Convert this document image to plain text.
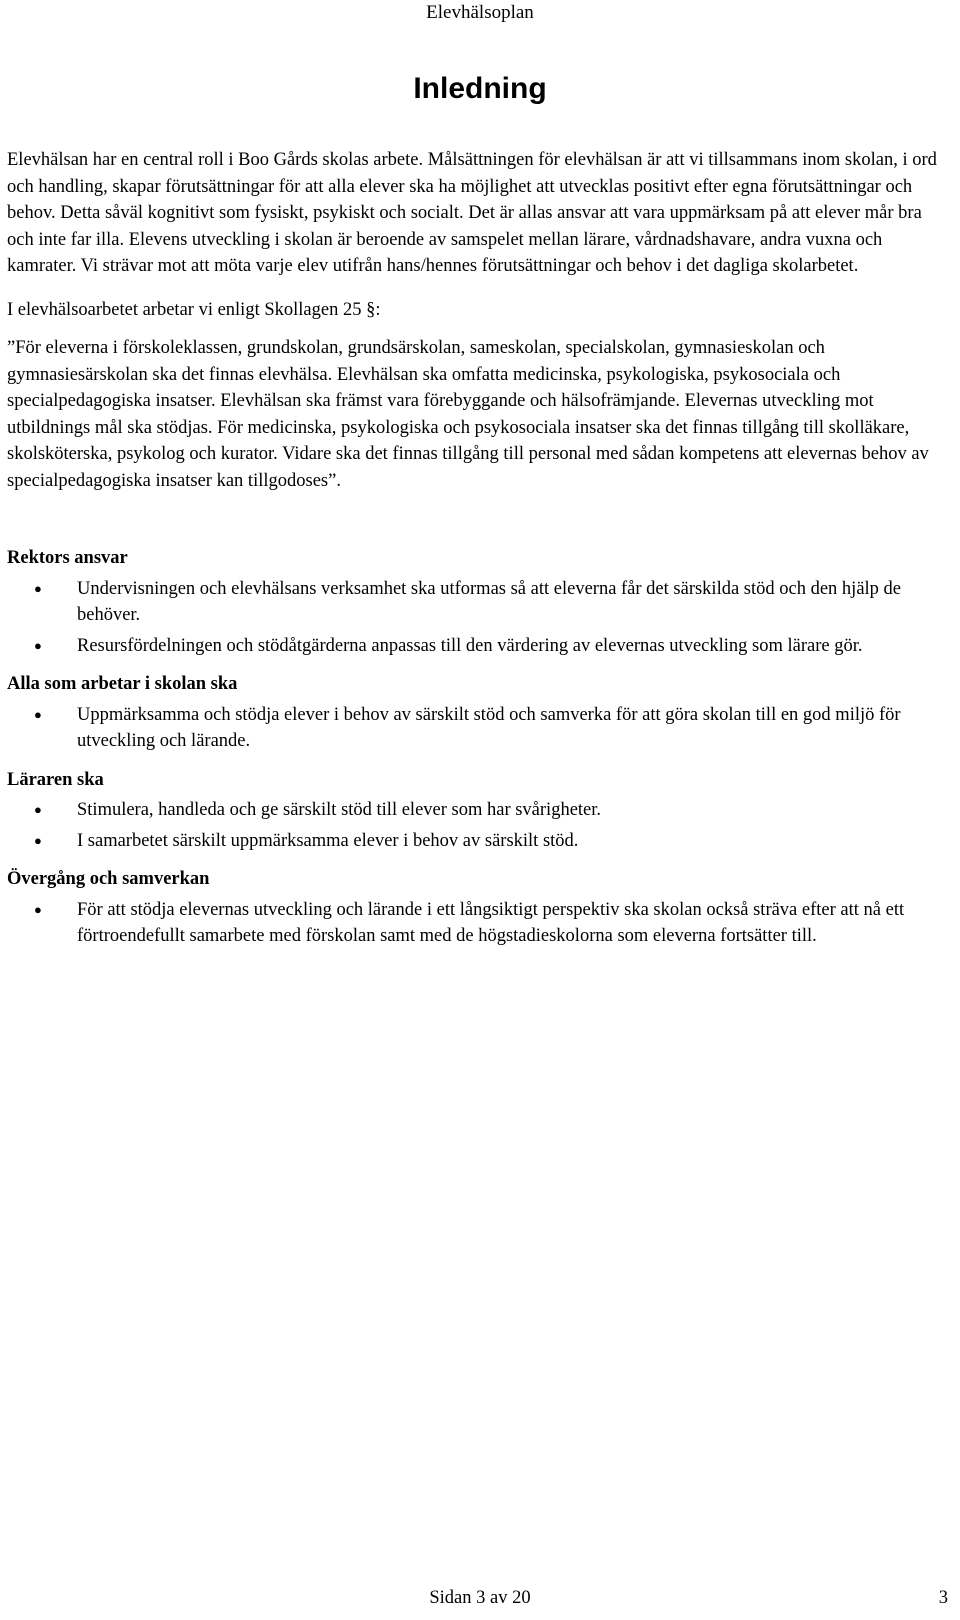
Elevhälsoplan
Inledning

Elevhälsan har en central roll i Boo Gårds skolas arbete. Målsättningen för elevhälsan är att vi tillsammans inom skolan, i ord och handling, skapar förutsättningar för att alla elever ska ha möjlighet att utvecklas positivt efter egna förutsättningar och behov. Detta såväl kognitivt som fysiskt, psykiskt och socialt. Det är allas ansvar att vara uppmärksam på att elever mår bra och inte far illa. Elevens utveckling i skolan är beroende av samspelet mellan lärare, vårdnadshavare, andra vuxna och kamrater. Vi strävar mot att möta varje elev utifrån hans/hennes förutsättningar och behov i det dagliga skolarbetet.

I elevhälsoarbetet arbetar vi enligt Skollagen 25 §:

”För eleverna i förskoleklassen, grundskolan, grundsärskolan, sameskolan, specialskolan, gymnasieskolan och gymnasiesärskolan ska det finnas elevhälsa. Elevhälsan ska omfatta medicinska, psykologiska, psykosociala och specialpedagogiska insatser. Elevhälsan ska främst vara förebyggande och hälsofrämjande. Elevernas utveckling mot utbildnings mål ska stödjas. För medicinska, psykologiska och psykosociala insatser ska det finnas tillgång till skolläkare, skolsköterska, psykolog och kurator. Vidare ska det finnas tillgång till personal med sådan kompetens att elevernas behov av specialpedagogiska insatser kan tillgodoses”.

Rektors ansvar
● Undervisningen och elevhälsans verksamhet ska utformas så att eleverna får det särskilda stöd och den hjälp de behöver.
● Resursfördelningen och stödåtgärderna anpassas till den värdering av elevernas utveckling som lärare gör.
Alla som arbetar i skolan ska
● Uppmärksamma och stödja elever i behov av särskilt stöd och samverka för att göra skolan till en god miljö för utveckling och lärande.
Läraren ska
● Stimulera, handleda och ge särskilt stöd till elever som har svårigheter.
● I samarbetet särskilt uppmärksamma elever i behov av särskilt stöd.
Övergång och samverkan
● För att stödja elevernas utveckling och lärande i ett långsiktigt perspektiv ska skolan också sträva efter att nå ett förtroendefullt samarbete med förskolan samt med de högstadieskolorna som eleverna fortsätter till.
Sidan 3 av 20	3
